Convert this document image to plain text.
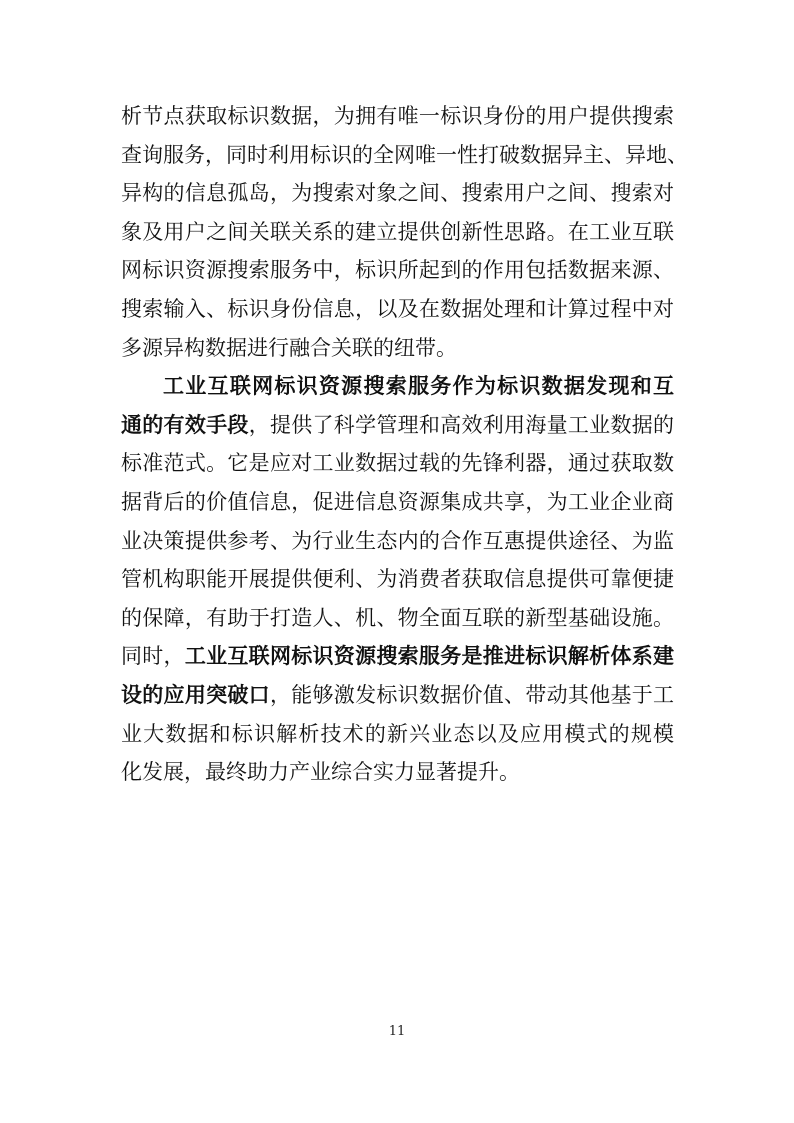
析节点获取标识数据，为拥有唯一标识身份的用户提供搜索
查询服务，同时利用标识的全网唯一性打破数据异主、异地、
异构的信息孤岛，为搜索对象之间、搜索用户之间、搜索对
象及用户之间关联关系的建立提供创新性思路。在工业互联
网标识资源搜索服务中，标识所起到的作用包括数据来源、
搜索输入、标识身份信息，以及在数据处理和计算过程中对
多源异构数据进行融合关联的纽带。
工业互联网标识资源搜索服务作为标识数据发现和互
通的有效手段，提供了科学管理和高效利用海量工业数据的
标准范式。它是应对工业数据过载的先锋利器，通过获取数
据背后的价值信息，促进信息资源集成共享，为工业企业商
业决策提供参考、为行业生态内的合作互惠提供途径、为监
管机构职能开展提供便利、为消费者获取信息提供可靠便捷
的保障，有助于打造人、机、物全面互联的新型基础设施。
同时，工业互联网标识资源搜索服务是推进标识解析体系建
设的应用突破口，能够激发标识数据价值、带动其他基于工
业大数据和标识解析技术的新兴业态以及应用模式的规模
化发展，最终助力产业综合实力显著提升。
11
